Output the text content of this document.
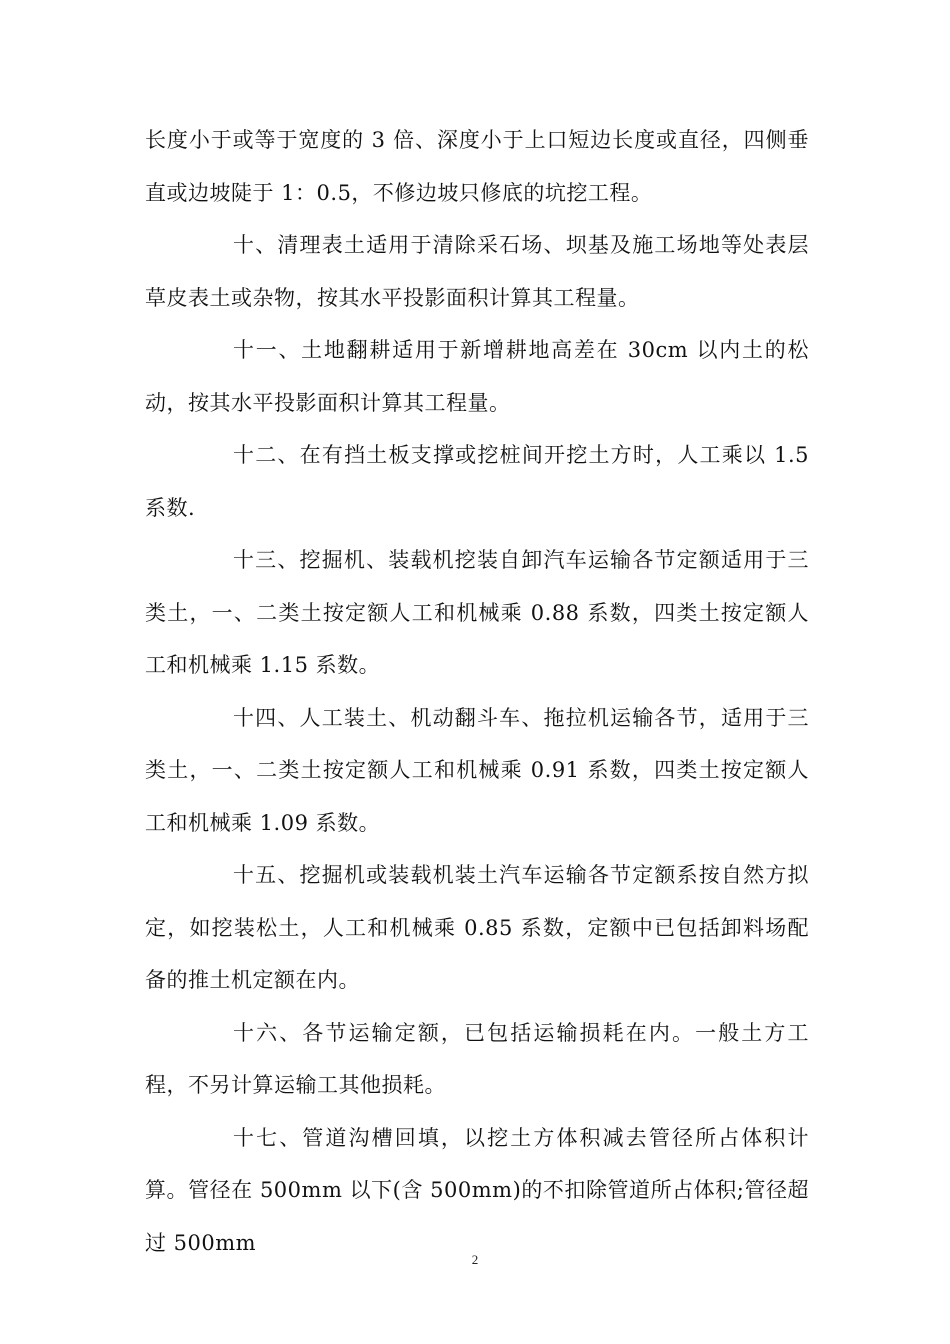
长度小于或等于宽度的 3 倍、深度小于上口短边长度或直径，四侧垂直或边坡陡于 1：0.5，不修边坡只修底的坑挖工程。

十、清理表土适用于清除采石场、坝基及施工场地等处表层草皮表土或杂物，按其水平投影面积计算其工程量。

十一、土地翻耕适用于新增耕地高差在 30cm 以内土的松动，按其水平投影面积计算其工程量。

十二、在有挡土板支撑或挖桩间开挖土方时，人工乘以 1.5 系数.

十三、挖掘机、装载机挖装自卸汽车运输各节定额适用于三类土，一、二类土按定额人工和机械乘 0.88 系数，四类土按定额人工和机械乘 1.15 系数。

十四、人工装土、机动翻斗车、拖拉机运输各节，适用于三类土，一、二类土按定额人工和机械乘 0.91 系数，四类土按定额人工和机械乘 1.09 系数。

十五、挖掘机或装载机装土汽车运输各节定额系按自然方拟定，如挖装松土，人工和机械乘 0.85 系数，定额中已包括卸料场配备的推土机定额在内。

十六、各节运输定额，已包括运输损耗在内。一般土方工程，不另计算运输工其他损耗。

十七、管道沟槽回填，以挖土方体积减去管径所占体积计算。管径在 500mm 以下(含 500mm)的不扣除管道所占体积;管径超过 500mm

2
